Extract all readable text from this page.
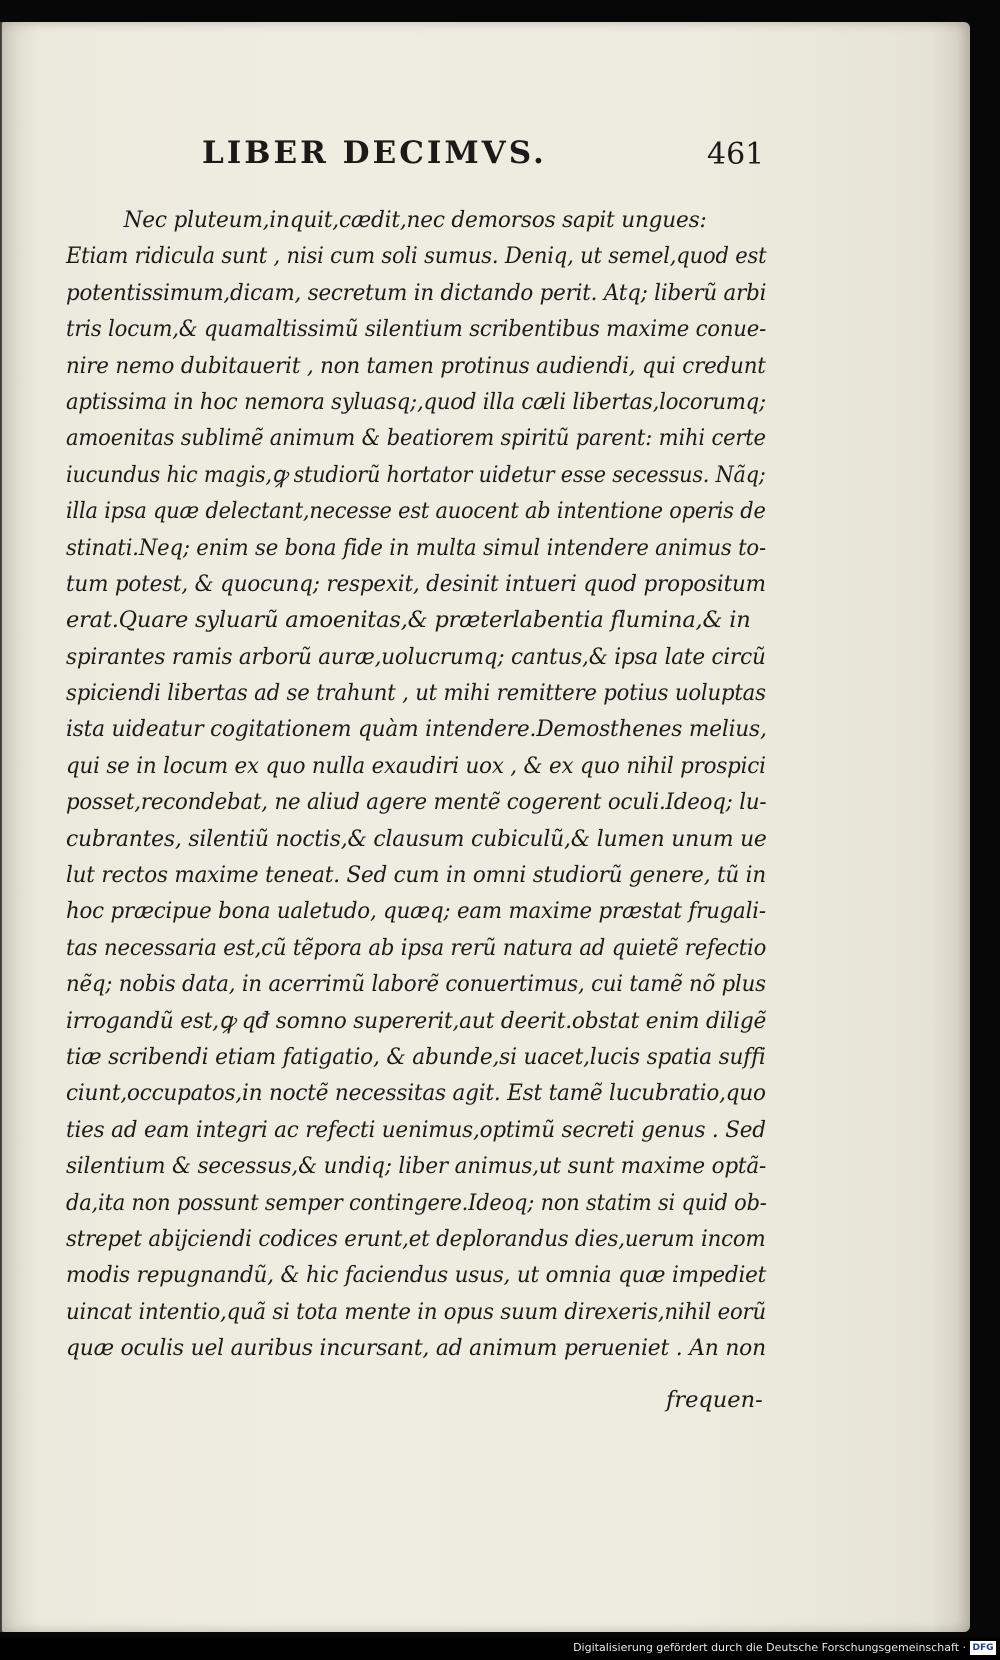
LIBER DECIMVS.	461
Nec pluteum,inquit,cædit,nec demorsos sapit ungues:
Etiam ridicula sunt , nisi cum soli sumus. Deniq, ut semel,quod est
potentissimum,dicam, secretum in dictando perit. Atq; liberũ arbi
tris locum,& quamaltissimũ silentium scribentibus maxime conue-
nire nemo dubitauerit , non tamen protinus audiendi, qui credunt
aptissima in hoc nemora syluasq;,quod illa cæli libertas,locorumq;
amoenitas sublimẽ animum & beatiorem spiritũ parent: mihi certe
iucundus hic magis,ꝙ studiorũ hortator uidetur esse secessus. Nãq;
illa ipsa quæ delectant,necesse est auocent ab intentione operis de
stinati.Neq; enim se bona fide in multa simul intendere animus to-
tum potest, & quocunq; respexit, desinit intueri quod propositum
erat.Quare syluarũ amoenitas,& præterlabentia flumina,& in
spirantes ramis arborũ auræ,uolucrumq; cantus,& ipsa late circũ
spiciendi libertas ad se trahunt , ut mihi remittere potius uoluptas
ista uideatur cogitationem quàm intendere.Demosthenes melius,
qui se in locum ex quo nulla exaudiri uox , & ex quo nihil prospici
posset,recondebat, ne aliud agere mentẽ cogerent oculi.Ideoq; lu-
cubrantes, silentiũ noctis,& clausum cubiculũ,& lumen unum ue
lut rectos maxime teneat. Sed cum in omni studiorũ genere, tũ in
hoc præcipue bona ualetudo, quæq; eam maxime præstat frugali-
tas necessaria est,cũ tẽpora ab ipsa rerũ natura ad quietẽ refectio
nẽq; nobis data, in acerrimũ laborẽ conuertimus, cui tamẽ nõ plus
irrogandũ est,ꝙ qđ somno supererit,aut deerit.obstat enim diligẽ
tiæ scribendi etiam fatigatio, & abunde,si uacet,lucis spatia suffi
ciunt,occupatos,in noctẽ necessitas agit. Est tamẽ lucubratio,quo
ties ad eam integri ac refecti uenimus,optimũ secreti genus . Sed
silentium & secessus,& undiq; liber animus,ut sunt maxime optã-
da,ita non possunt semper contingere.Ideoq; non statim si quid ob-
strepet abijciendi codices erunt,et deplorandus dies,uerum incom
modis repugnandũ, & hic faciendus usus, ut omnia quæ impediet
uincat intentio,quã si tota mente in opus suum direxeris,nihil eorũ
quæ oculis uel auribus incursant, ad animum perueniet . An non
frequen-
Digitalisierung gefördert durch die Deutsche Forschungsgemeinschaft · DFG
